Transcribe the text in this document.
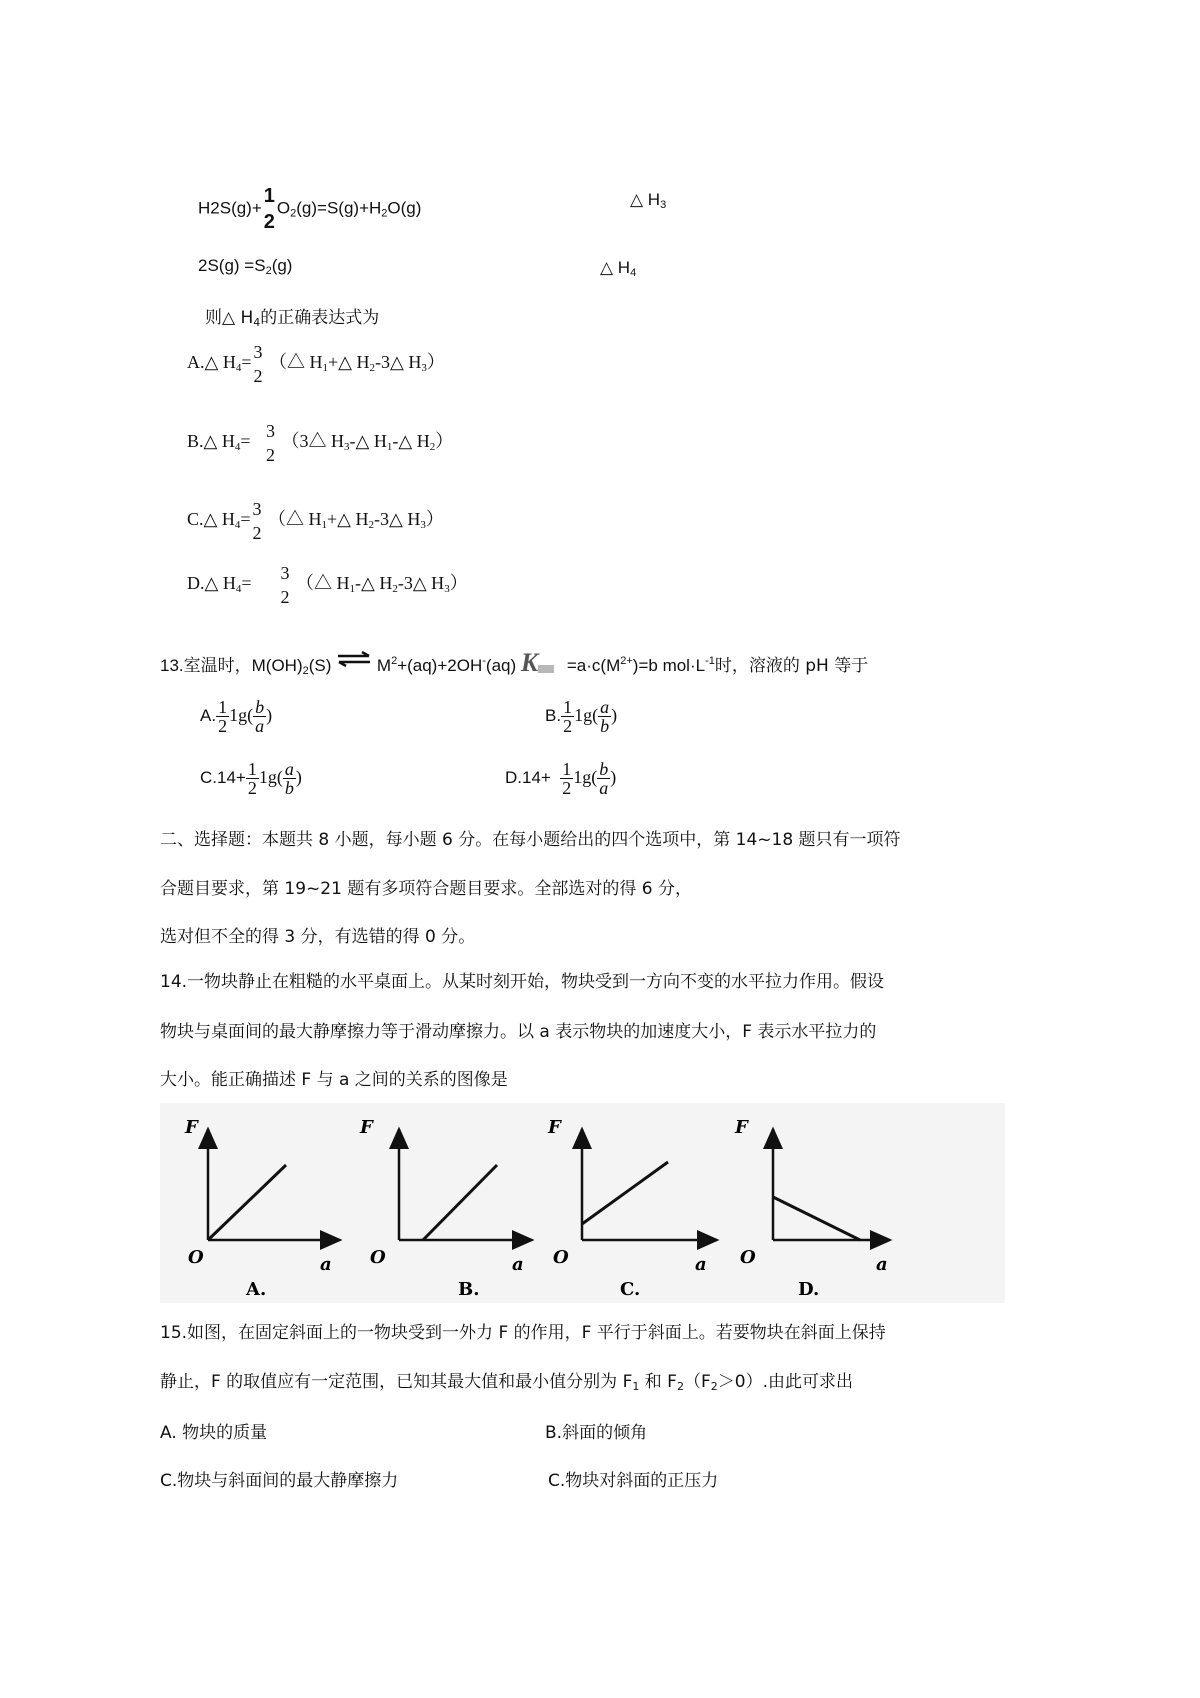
H2S(g)+
1
2
$O_2(g)=S(g)+H_2O(g)$	△ $H_3$
$2S(g) =S_2(g)$	△ $H_4$
则△ $H_4$的正确表达式为
A.△ $H_4=$
3
2
（△ $H_1+\triangle$ $H_2-3\triangle$ $H_3$）
B.△ $H_4=$
3
2
（3△ $H_3-\triangle$ $H_1-\triangle$ $H_2$）
C.△ $H_4=$
3
2
（△ $H_1+\triangle$ $H_2-3\triangle$ $H_3$）
D.△ $H_4=$
3
2
（△ $H_1-\triangle$ $H_2-3\triangle$ $H_3$）
13.室温时，$M(OH)_2(S)$ ⇌ $M^2+(aq)+2OH^-(aq)$ $K =a\cdot c(M^{2+})=b$ $mol\cdot L^{-1}$时，溶液的 pH 等于
A. $\frac{1}{2} 1g( \frac{b}{a}$ )	B. $\frac{1}{2} 1g( \frac{a}{b}$ )
$C.14+ \frac{1}{2} 1g( \frac{a}{b}$ )	$D.14+ \frac{1}{2} 1g( \frac{b}{a}$ )
二、选择题：本题共 8 小题，每小题 6 分。在每小题给出的四个选项中，第 14~18 题只有一项符
合题目要求，第 19~21 题有多项符合题目要求。全部选对的得 6 分，
选对但不全的得 3 分，有选错的得 0 分。
14.一物块静止在粗糙的水平桌面上。从某时刻开始，物块受到一方向不变的水平拉力作用。假设
物块与桌面间的最大静摩擦力等于滑动摩擦力。以 a 表示物块的加速度大小，F 表示水平拉力的
大小。能正确描述 F 与 a 之间的关系的图像是
F
O	a
A.
F
O	a
B.
F
O	a
C.
F
O	a
D.
15.如图，在固定斜面上的一物块受到一外力 F 的作用，F 平行于斜面上。若要物块在斜面上保持
静止，F 的取值应有一定范围，已知其最大值和最小值分别为 $F_1$ 和 $F_2(F_2>0)$.由此可求出
A. 物块的质量	B.斜面的倾角
C.物块与斜面间的最大静摩擦力	C.物块对斜面的正压力
